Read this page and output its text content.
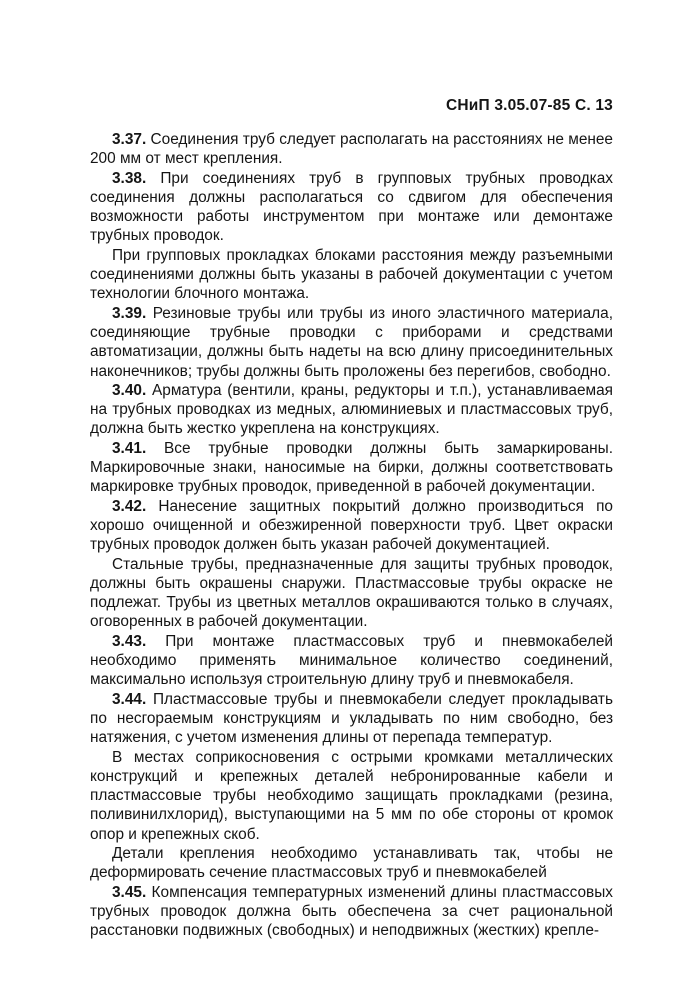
СНиП 3.05.07-85 С. 13

3.37. Соединения труб следует располагать на расстояниях не менее 200 мм от мест крепления.

3.38. При соединениях труб в групповых трубных проводках соединения должны располагаться со сдвигом для обеспечения возможности работы инструментом при монтаже или демонтаже трубных проводок.

При групповых прокладках блоками расстояния между разъемными соединениями должны быть указаны в рабочей документации с учетом технологии блочного монтажа.

3.39. Резиновые трубы или трубы из иного эластичного материала, соединяющие трубные проводки с приборами и средствами автоматизации, должны быть надеты на всю длину присоединительных наконечников; трубы должны быть проложены без перегибов, свободно.

3.40. Арматура (вентили, краны, редукторы и т.п.), устанавливаемая на трубных проводках из медных, алюминиевых и пластмассовых труб, должна быть жестко укреплена на конструкциях.

3.41. Все трубные проводки должны быть замаркированы. Маркировочные знаки, наносимые на бирки, должны соответствовать маркировке трубных проводок, приведенной в рабочей документации.

3.42. Нанесение защитных покрытий должно производиться по хорошо очищенной и обезжиренной поверхности труб. Цвет окраски трубных проводок должен быть указан рабочей документацией.

Стальные трубы, предназначенные для защиты трубных проводок, должны быть окрашены снаружи. Пластмассовые трубы окраске не подлежат. Трубы из цветных металлов окрашиваются только в случаях, оговоренных в рабочей документации.

3.43. При монтаже пластмассовых труб и пневмокабелей необходимо применять минимальное количество соединений, максимально используя строительную длину труб и пневмокабеля.

3.44. Пластмассовые трубы и пневмокабели следует прокладывать по несгораемым конструкциям и укладывать по ним свободно, без натяжения, с учетом изменения длины от перепада температур.

В местах соприкосновения с острыми кромками металлических конструкций и крепежных деталей небронированные кабели и пластмассовые трубы необходимо защищать прокладками (резина, поливинилхлорид), выступающими на 5 мм по обе стороны от кромок опор и крепежных скоб.

Детали крепления необходимо устанавливать так, чтобы не деформировать сечение пластмассовых труб и пневмокабелей

3.45. Компенсация температурных изменений длины пластмассовых трубных проводок должна быть обеспечена за счет рациональной расстановки подвижных (свободных) и неподвижных (жестких) крепле-
